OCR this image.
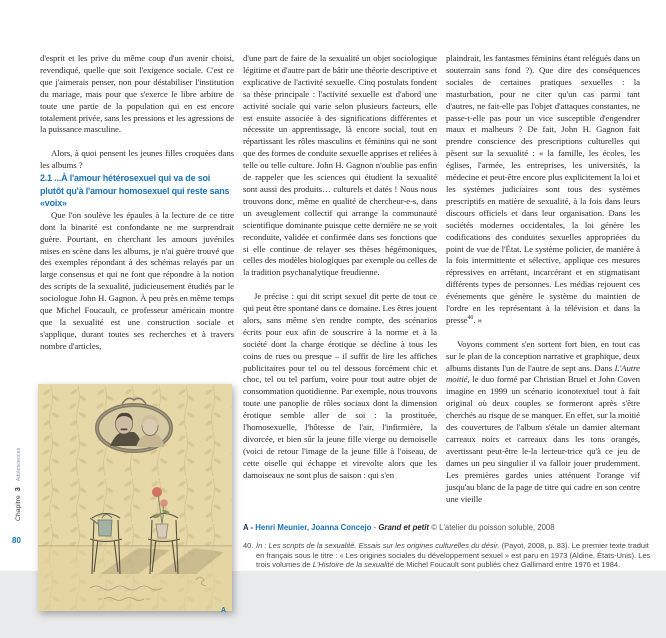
Chapitre 3 Adolescences
80

d'esprit et les prive du même coup d'un avenir choisi, revendiqué, quelle que soit l'exigence sociale. C'est ce que j'aimerais penser, non pour déstabiliser l'institution du mariage, mais pour que s'exerce le libre arbitre de toute une partie de la population qui en est encore totalement privée, sans les pressions et les agressions de la puissance masculine.

Alors, à quoi pensent les jeunes filles croquées dans les albums ?

2.1 ...À l'amour hétérosexuel qui va de soi plutôt qu'à l'amour homosexuel qui reste sans «voix»

Que l'on soulève les épaules à la lecture de ce titre dont la binarité est confondante ne me surprendrait guère. Pourtant, en cherchant les amours juvéniles mises en scène dans les albums, je n'ai guère trouvé que des exemples répondant à des schémas relayés par un large consensus et qui ne font que répondre à la notion des scripts de la sexualité, judicieusement étudiés par le sociologue John H. Gagnon. À peu près en même temps que Michel Foucault, ce professeur américain montre que la sexualité est une construction sociale et s'applique, durant toutes ses recherches et à travers nombre d'articles,

d'une part de faire de la sexualité un objet sociologique légitime et d'autre part de bâtir une théorie descriptive et explicative de l'activité sexuelle. Cinq postulats fondent sa thèse principale : l'activité sexuelle est d'abord une activité sociale qui varie selon plusieurs facteurs, elle est ensuite associée à des significations différentes et nécessite un apprentissage, là encore social, tout en répartissant les rôles masculins et féminins qui ne sont que des formes de conduite sexuelle apprises et reliées à telle ou telle culture. John H. Gagnon n'oublie pas enfin de rappeler que les sciences qui étudient la sexualité sont aussi des produits… culturels et datés ! Nous nous trouvons donc, même en qualité de chercheur-e-s, dans un aveuglement collectif qui arrange la communauté scientifique dominante puisque cette dernière ne se voit reconduite, validée et confirmée dans ses fonctions que si elle continue de relayer ses thèses hégémoniques, celles des modèles biologiques par exemple ou celles de la tradition psychanalytique freudienne.

Je précise : qui dit script sexuel dit perte de tout ce qui peut être spontané dans ce domaine. Les êtres jouent alors, sans même s'en rendre compte, des scénarios écrits pour eux afin de souscrire à la norme et à la société dont la charge érotique se décline à tous les coins de rues ou presque – il suffit de lire les affiches publicitaires pour tel ou tel dessous forcément chic et choc, tel ou tel parfum, voire pour tout autre objet de consommation quotidienne. Par exemple, nous trouvons toute une panoplie de rôles sociaux dont la dimension érotique semble aller de soi : la prostituée, l'homosexuelle, l'hôtesse de l'air, l'infirmière, la divorcée, et bien sûr la jeune fille vierge ou demoiselle (voici de retour l'image de la jeune fille à l'oiseau, de cette oiselle qui échappe et virevolte alors que les damoiseaux ne sont plus de saison : qui s'en

plaindrait, les fantasmes féminins étant relégués dans un souterrain sans fond ?). Que dire des conséquences sociales de certaines pratiques sexuelles : la masturbation, pour ne citer qu'un cas parmi tant d'autres, ne fait-elle pas l'objet d'attaques constantes, ne passe-t-elle pas pour un vice susceptible d'engendrer maux et malheurs ? De fait, John H. Gagnon fait prendre conscience des prescriptions culturelles qui pèsent sur la sexualité : « la famille, les écoles, les églises, l'armée, les entreprises, les universités, la médecine et peut-être encore plus explicitement la loi et les systèmes judiciaires sont tous des systèmes prescriptifs en matière de sexualité, à la fois dans leurs discours officiels et dans leur organisation. Dans les sociétés modernes occidentales, la loi génère les codifications des conduites sexuelles appropriées du point de vue de l'État. Le système policier, de manière à la fois intermittente et sélective, applique ces mesures répressives en arrêtant, incarcérant et en stigmatisant différents types de personnes. Les médias rejouent ces événements que génère le système du maintien de l'ordre en les représentant à la télévision et dans la presse$^{40}$. »

Voyons comment s'en sortent fort bien, en tout cas sur le plan de la conception narrative et graphique, deux albums distants l'un de l'autre de sept ans. Dans L'Autre moitié, le duo formé par Christian Bruel et John Coven imagine en 1999 un scénario iconotextuel tout à fait original où deux couples se formeront après s'être cherchés au risque de se manquer. En effet, sur la moitié des couvertures de l'album s'étale un damier alternant carreaux noirs et carreaux dans les tons orangés, avertissant peut-être le-la lecteur-trice qu'à ce jeu de dames un peu singulier il va falloir jouer prudemment. Les premières gardes unies atténuent l'orange vif jusqu'au blanc de la page de titre qui cadre en son centre une vieille

A
A - Henri Meunier, Joanna Concejo - Grand et petit © L'atelier du poisson soluble, 2008
40. In : Les scripts de la sexualité. Essais sur les origines culturelles du désir. (Payot, 2008, p. 83). Le premier texte traduit en français sous le titre : « Les origines sociales du développement sexuel » est paru en 1973 (Aldine, États-Unis). Les trois volumes de L'Histoire de la sexualité de Michel Foucault sont publiés chez Gallimard entre 1976 et 1984.
